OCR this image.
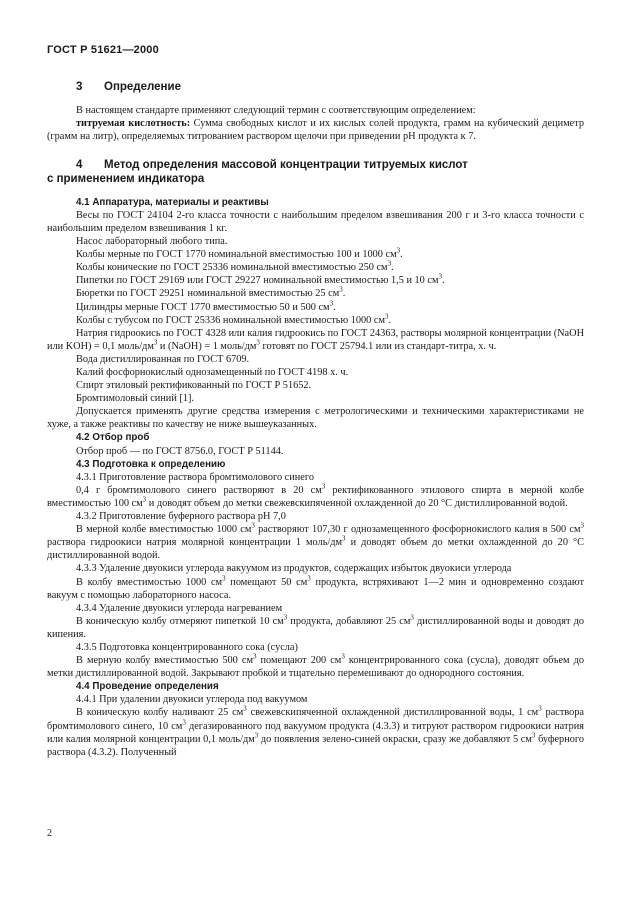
ГОСТ Р 51621—2000

3 Определение

В настоящем стандарте применяют следующий термин с соответствующим определением:

титруемая кислотность: Сумма свободных кислот и их кислых солей продукта, грамм на кубический дециметр (грамм на литр), определяемых титрованием раствором щелочи при приведении pH продукта к 7.

4 Метод определения массовой концентрации титруемых кислот

с применением индикатора

4.1 Аппаратура, материалы и реактивы

Весы по ГОСТ 24104 2-го класса точности с наибольшим пределом взвешивания 200 г и 3-го класса точности с наибольшим пределом взвешивания 1 кг.

Насос лабораторный любого типа.

Колбы мерные по ГОСТ 1770 номинальной вместимостью 100 и 1000 $см^3$.

Колбы конические по ГОСТ 25336 номинальной вместимостью 250 $см^3$.

Пипетки по ГОСТ 29169 или ГОСТ 29227 номинальной вместимостью 1,5 и 10 $см^3$.

Бюретки по ГОСТ 29251 номинальной вместимостью 25 $см^3$.

Цилиндры мерные ГОСТ 1770 вместимостью 50 и 500 $см^3$.

Колбы с тубусом по ГОСТ 25336 номинальной вместимостью 1000 $см^3$.

Натрия гидроокись по ГОСТ 4328 или калия гидроокись по ГОСТ 24363, растворы молярной концентрации (NaOH или KOH) = 0,1 моль/$дм^3$ и (NaOH) = 1 моль/$дм^3$ готовят по ГОСТ 25794.1 или из стандарт-титра, х. ч.

Вода дистиллированная по ГОСТ 6709.

Калий фосфорнокислый однозамещенный по ГОСТ 4198 х. ч.

Спирт этиловый ректификованный по ГОСТ Р 51652.

Бромтимоловый синий [1].

Допускается применять другие средства измерения с метрологическими и техническими характеристиками не хуже, а также реактивы по качеству не ниже вышеуказанных.

4.2 Отбор проб

Отбор проб — по ГОСТ 8756.0, ГОСТ Р 51144.

4.3 Подготовка к определению

4.3.1 Приготовление раствора бромтимолового синего

0,4 г бромтимолового синего растворяют в 20 $см^3$ ректификованного этилового спирта в мерной колбе вместимостью 100 $см^3$ и доводят объем до метки свежевскипяченной охлажденной до 20 °С дистиллированной водой.

4.3.2 Приготовление буферного раствора pH 7,0

В мерной колбе вместимостью 1000 $см^3$ растворяют 107,30 г однозамещенного фосфорнокислого калия в 500 $см^3$ раствора гидроокиси натрия молярной концентрации 1 моль/$дм^3$ и доводят объем до метки охлажденной до 20 °С дистиллированной водой.

4.3.3 Удаление двуокиси углерода вакуумом из продуктов, содержащих избыток двуокиси углерода

В колбу вместимостью 1000 $см^3$ помещают 50 $см^3$ продукта, встряхивают 1—2 мин и одновременно создают вакуум с помощью лабораторного насоса.

4.3.4 Удаление двуокиси углерода нагреванием

В коническую колбу отмеряют пипеткой 10 $см^3$ продукта, добавляют 25 $см^3$ дистиллированной воды и доводят до кипения.

4.3.5 Подготовка концентрированного сока (сусла)

В мерную колбу вместимостью 500 $см^3$ помещают 200 $см^3$ концентрированного сока (сусла), доводят объем до метки дистиллированной водой. Закрывают пробкой и тщательно перемешивают до однородного состояния.

4.4 Проведение определения

4.4.1 При удалении двуокиси углерода под вакуумом

В коническую колбу наливают 25 $см^3$ свежевскипяченной охлажденной дистиллированной воды, 1 $см^3$ раствора бромтимолового синего, 10 $см^3$ дегазированного под вакуумом продукта (4.3.3) и титруют раствором гидроокиси натрия или калия молярной концентрации 0,1 моль/$дм^3$ до появления зелено-синей окраски, сразу же добавляют 5 $см^3$ буферного раствора (4.3.2). Полученный

2
